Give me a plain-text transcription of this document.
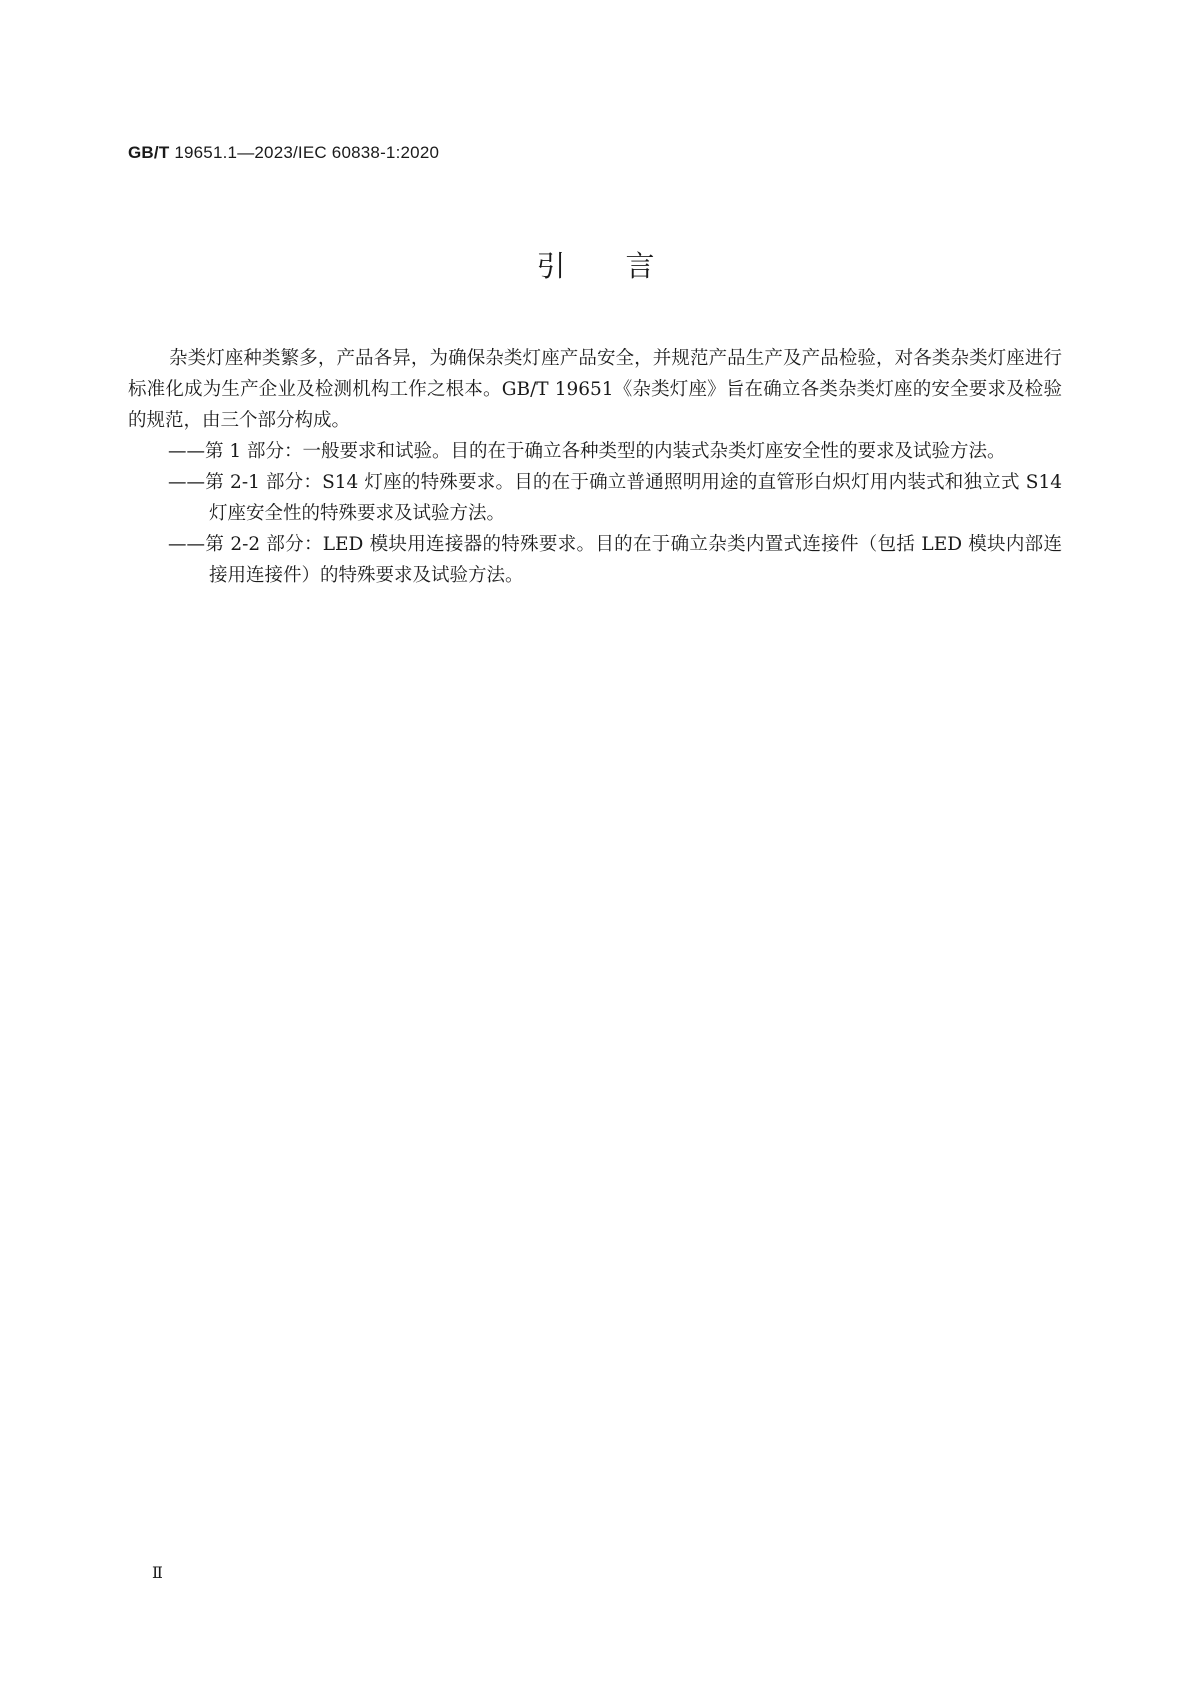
GB/T 19651.1—2023/IEC 60838-1:2020
引言

杂类灯座种类繁多，产品各异，为确保杂类灯座产品安全，并规范产品生产及产品检验，对各类杂类灯座进行标准化成为生产企业及检测机构工作之根本。GB/T 19651《杂类灯座》旨在确立各类杂类灯座的安全要求及检验的规范，由三个部分构成。

——第 1 部分：一般要求和试验。目的在于确立各种类型的内装式杂类灯座安全性的要求及试验方法。

——第 2-1 部分：S14 灯座的特殊要求。目的在于确立普通照明用途的直管形白炽灯用内装式和独立式 S14 灯座安全性的特殊要求及试验方法。

——第 2-2 部分：LED 模块用连接器的特殊要求。目的在于确立杂类内置式连接件（包括 LED 模块内部连接用连接件）的特殊要求及试验方法。

Ⅱ
